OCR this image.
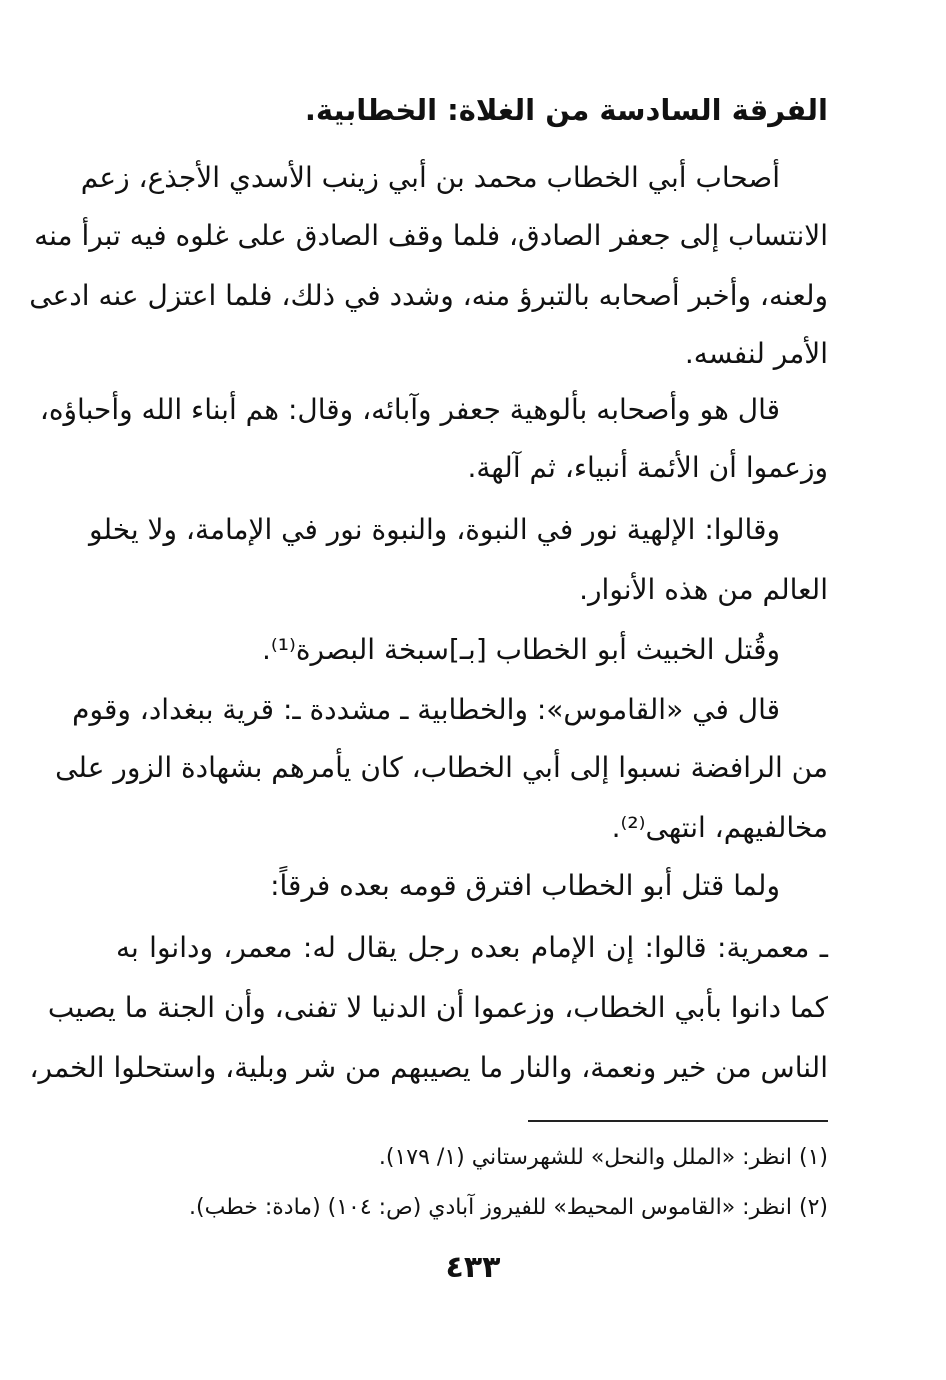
الفرقة السادسة من الغلاة: الخطابية.
أصحاب أبي الخطاب محمد بن أبي زينب الأسدي الأجذع، زعم
الانتساب إلى جعفر الصادق، فلما وقف الصادق على غلوه فيه تبرأ منه
ولعنه، وأخبر أصحابه بالتبرؤ منه، وشدد في ذلك، فلما اعتزل عنه ادعى
الأمر لنفسه.
قال هو وأصحابه بألوهية جعفر وآبائه، وقال: هم أبناء الله وأحباؤه،
وزعموا أن الأئمة أنبياء، ثم آلهة.
وقالوا: الإلهية نور في النبوة، والنبوة نور في الإمامة، ولا يخلو
العالم من هذه الأنوار.
وقُتل الخبيث أبو الخطاب [بـ]سبخة البصرة⁽¹⁾.
قال في «القاموس»: والخطابية ـ مشددة ـ: قرية ببغداد، وقوم
من الرافضة نسبوا إلى أبي الخطاب، كان يأمرهم بشهادة الزور على
مخالفيهم، انتهى⁽²⁾.
ولما قتل أبو الخطاب افترق قومه بعده فرقاً:
ـ معمرية: قالوا: إن الإمام بعده رجل يقال له: معمر، ودانوا به
كما دانوا بأبي الخطاب، وزعموا أن الدنيا لا تفنى، وأن الجنة ما يصيب
الناس من خير ونعمة، والنار ما يصيبهم من شر وبلية، واستحلوا الخمر،
(١) انظر: «الملل والنحل» للشهرستاني (١/ ١٧٩).
(٢) انظر: «القاموس المحيط» للفيروز آبادي (ص: ١٠٤) (مادة: خطب).
٤٣٣
